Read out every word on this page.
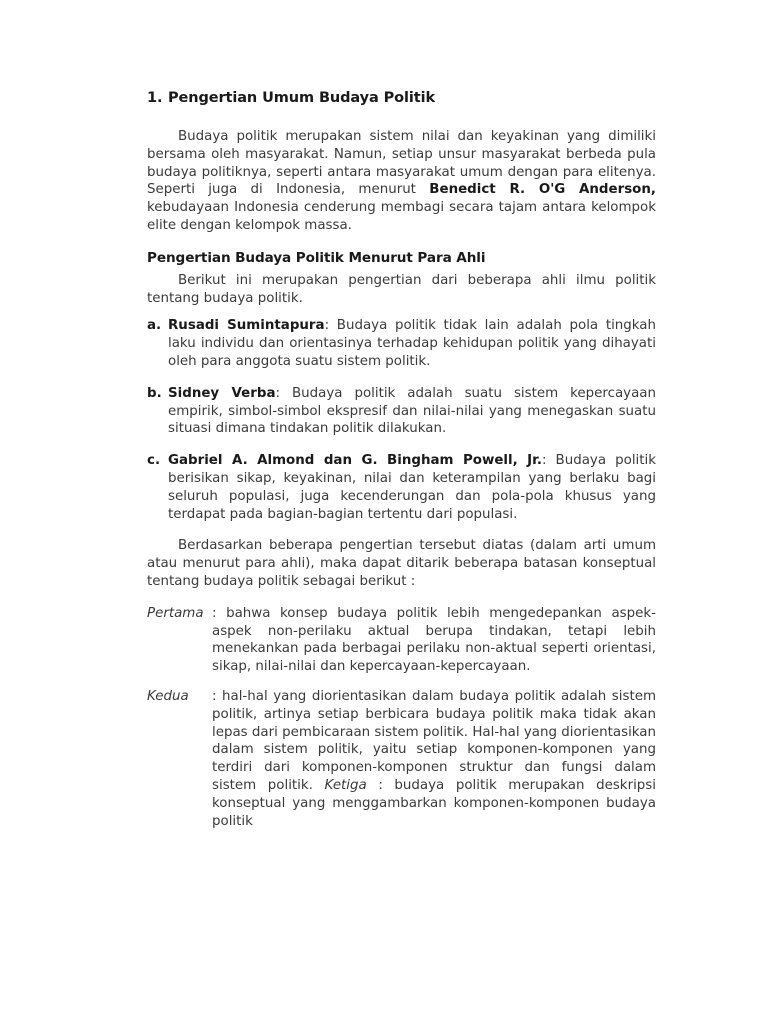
1. Pengertian Umum Budaya Politik

Budaya politik merupakan sistem nilai dan keyakinan yang dimiliki bersama oleh masyarakat. Namun, setiap unsur masyarakat berbeda pula budaya politiknya, seperti antara masyarakat umum dengan para elitenya. Seperti juga di Indonesia, menurut Benedict R. O'G Anderson, kebudayaan Indonesia cenderung membagi secara tajam antara kelompok elite dengan kelompok massa.

Pengertian Budaya Politik Menurut Para Ahli

Berikut ini merupakan pengertian dari beberapa ahli ilmu politik tentang budaya politik.

a. Rusadi Sumintapura: Budaya politik tidak lain adalah pola tingkah laku individu dan orientasinya terhadap kehidupan politik yang dihayati oleh para anggota suatu sistem politik.
b. Sidney Verba: Budaya politik adalah suatu sistem kepercayaan empirik, simbol-simbol ekspresif dan nilai-nilai yang menegaskan suatu situasi dimana tindakan politik dilakukan.
c. Gabriel A. Almond dan G. Bingham Powell, Jr.: Budaya politik berisikan sikap, keyakinan, nilai dan keterampilan yang berlaku bagi seluruh populasi, juga kecenderungan dan pola-pola khusus yang terdapat pada bagian-bagian tertentu dari populasi.

Berdasarkan beberapa pengertian tersebut diatas (dalam arti umum atau menurut para ahli), maka dapat ditarik beberapa batasan konseptual tentang budaya politik sebagai berikut :

Pertama : bahwa konsep budaya politik lebih mengedepankan aspek-aspek non-perilaku aktual berupa tindakan, tetapi lebih menekankan pada berbagai perilaku non-aktual seperti orientasi, sikap, nilai-nilai dan kepercayaan-kepercayaan.
Kedua	: hal-hal yang diorientasikan dalam budaya politik adalah sistem politik, artinya setiap berbicara budaya politik maka tidak akan lepas dari pembicaraan sistem politik. Hal-hal yang diorientasikan dalam sistem politik, yaitu setiap komponen-komponen yang terdiri dari komponen-komponen struktur dan fungsi dalam sistem politik. Ketiga : budaya politik merupakan deskripsi konseptual yang menggambarkan komponen-komponen budaya politik
